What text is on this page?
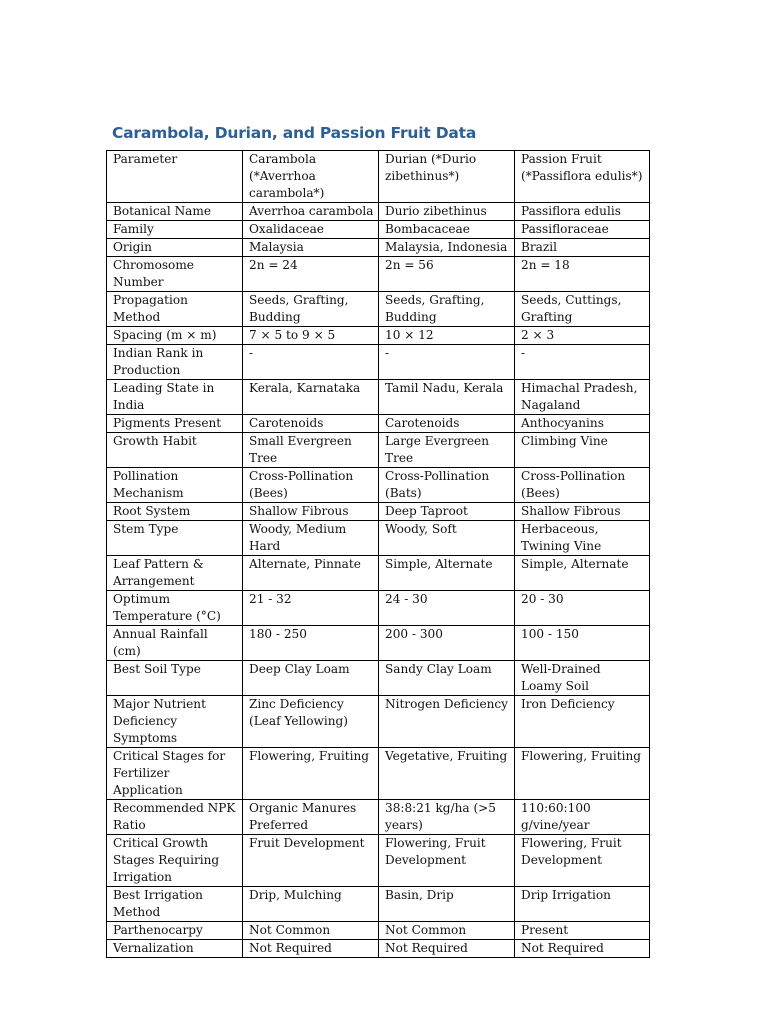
Carambola, Durian, and Passion Fruit Data
Parameter	Carambola (*Averrhoa carambola*)	Durian (*Durio zibethinus*)	Passion Fruit (*Passiflora edulis*)
Botanical Name	Averrhoa carambola	Durio zibethinus	Passiflora edulis
Family	Oxalidaceae	Bombacaceae	Passifloraceae
Origin	Malaysia	Malaysia, Indonesia	Brazil
Chromosome Number	2n = 24	2n = 56	2n = 18
Propagation Method	Seeds, Grafting, Budding	Seeds, Grafting, Budding	Seeds, Cuttings, Grafting
Spacing (m × m)	7 × 5 to 9 × 5	10 × 12	2 × 3
Indian Rank in Production	-	-	-
Leading State in India	Kerala, Karnataka	Tamil Nadu, Kerala	Himachal Pradesh, Nagaland
Pigments Present	Carotenoids	Carotenoids	Anthocyanins
Growth Habit	Small Evergreen Tree	Large Evergreen Tree	Climbing Vine
Pollination Mechanism	Cross-Pollination (Bees)	Cross-Pollination (Bats)	Cross-Pollination (Bees)
Root System	Shallow Fibrous	Deep Taproot	Shallow Fibrous
Stem Type	Woody, Medium Hard	Woody, Soft	Herbaceous, Twining Vine
Leaf Pattern & Arrangement	Alternate, Pinnate	Simple, Alternate	Simple, Alternate
Optimum Temperature (°C)	21 - 32	24 - 30	20 - 30
Annual Rainfall (cm)	180 - 250	200 - 300	100 - 150
Best Soil Type	Deep Clay Loam	Sandy Clay Loam	Well-Drained Loamy Soil
Major Nutrient Deficiency Symptoms	Zinc Deficiency (Leaf Yellowing)	Nitrogen Deficiency	Iron Deficiency
Critical Stages for Fertilizer Application	Flowering, Fruiting	Vegetative, Fruiting	Flowering, Fruiting
Recommended NPK Ratio	Organic Manures Preferred	38:8:21 kg/ha (>5 years)	110:60:100 g/vine/year
Critical Growth Stages Requiring Irrigation	Fruit Development	Flowering, Fruit Development	Flowering, Fruit Development
Best Irrigation Method	Drip, Mulching	Basin, Drip	Drip Irrigation
Parthenocarpy	Not Common	Not Common	Present
Vernalization	Not Required	Not Required	Not Required
